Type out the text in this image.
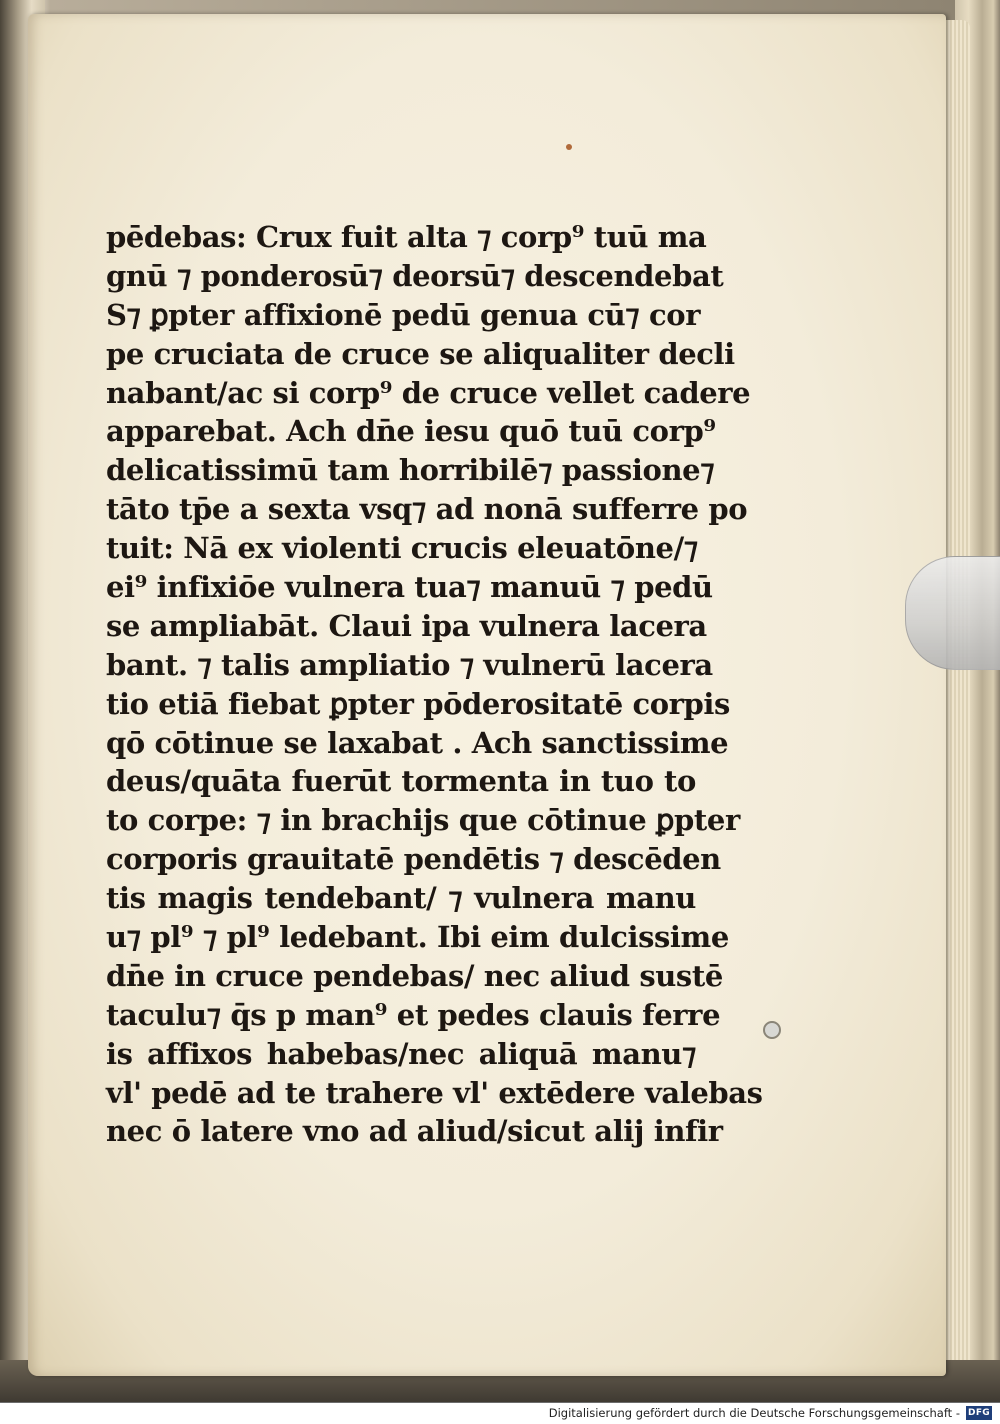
pēdebas: Crux fuit alta ⁊ corp⁹ tuū ma
gnū ⁊ ponderosū⁊ deorsū⁊ descendebat
S⁊ ꝑpter affixionē pedū genua cū⁊ cor
pe cruciata de cruce se aliqualiter decli
nabant/ac si corp⁹ de cruce vellet cadere
apparebat. Ach dn̄e iesu quō tuū corp⁹
delicatissimū tam horribilē⁊ passione⁊
tāto tp̄e a sexta vsq⁊ ad nonā sufferre po
tuit: Nā ex violenti crucis eleuatōne/⁊
ei⁹ infixiōe vulnera tua⁊ manuū ⁊ pedū
se ampliabāt. Claui ipa vulnera lacera
bant. ⁊ talis ampliatio ⁊ vulnerū lacera
tio etiā fiebat ꝑpter pōderositatē corpis
qō cōtinue se laxabat . Ach sanctissime
deus/quāta fuerūt tormenta in tuo to
to corpe: ⁊ in brachijs que cōtinue ꝑpter
corporis grauitatē pendētis ⁊ descēden
tis magis tendebant/ ⁊ vulnera manu
u⁊ pl⁹ ⁊ pl⁹ ledebant. Ibi eim dulcissime
dn̄e in cruce pendebas/ nec aliud sustē
taculu⁊ q̄s p man⁹ et pedes clauis ferre
is affixos habebas/nec aliquā manu⁊
vl' pedē ad te trahere vl' extēdere valebas
nec ō latere vno ad aliud/sicut alij infir
Digitalisierung gefördert durch die Deutsche Forschungsgemeinschaft - DFG
